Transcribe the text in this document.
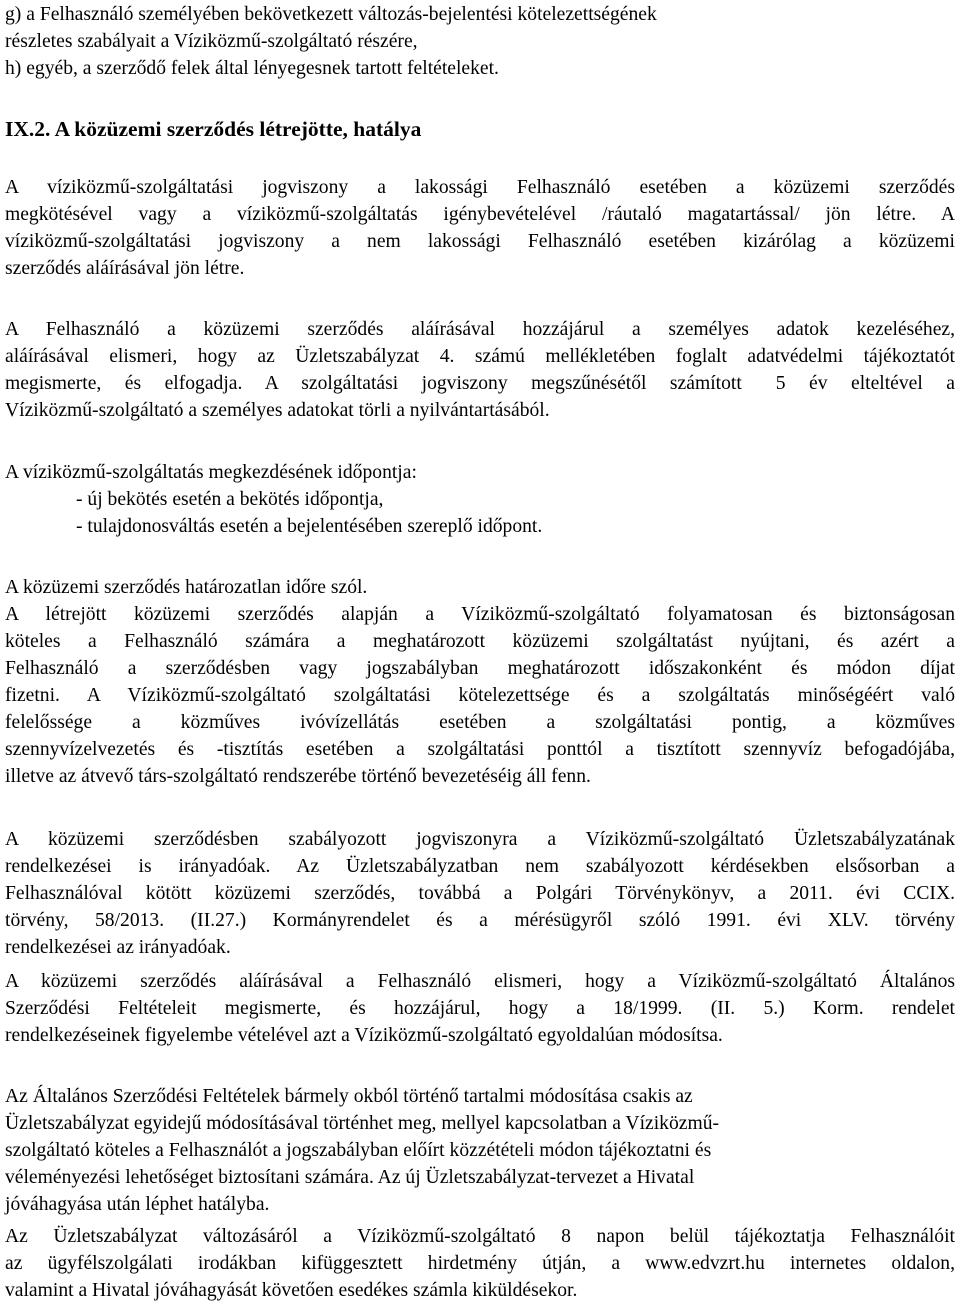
g) a Felhasználó személyében bekövetkezett változás-bejelentési kötelezettségének
részletes szabályait a Víziközmű-szolgáltató részére,
h) egyéb, a szerződő felek által lényegesnek tartott feltételeket.
IX.2. A közüzemi szerződés létrejötte, hatálya
A víziközmű-szolgáltatási jogviszony a lakossági Felhasználó esetében a közüzemi szerződés
megkötésével vagy a víziközmű-szolgáltatás igénybevételével /ráutaló magatartással/ jön létre. A
víziközmű-szolgáltatási jogviszony a nem lakossági Felhasználó esetében kizárólag a közüzemi
szerződés aláírásával jön létre.
A Felhasználó a közüzemi szerződés aláírásával hozzájárul a személyes adatok kezeléséhez,
aláírásával elismeri, hogy az Üzletszabályzat 4. számú mellékletében foglalt adatvédelmi tájékoztatót
megismerte, és elfogadja. A szolgáltatási jogviszony megszűnésétől számított 5 év elteltével a
Víziközmű-szolgáltató a személyes adatokat törli a nyilvántartásából.
A víziközmű-szolgáltatás megkezdésének időpontja:
- új bekötés esetén a bekötés időpontja,
- tulajdonosváltás esetén a bejelentésében szereplő időpont.
A közüzemi szerződés határozatlan időre szól.
A létrejött közüzemi szerződés alapján a Víziközmű-szolgáltató folyamatosan és biztonságosan
köteles a Felhasználó számára a meghatározott közüzemi szolgáltatást nyújtani, és azért a
Felhasználó a szerződésben vagy jogszabályban meghatározott időszakonként és módon díjat
fizetni. A Víziközmű-szolgáltató szolgáltatási kötelezettsége és a szolgáltatás minőségéért való
felelőssége a közműves ivóvízellátás esetében a szolgáltatási pontig, a közműves
szennyvízelvezetés és -tisztítás esetében a szolgáltatási ponttól a tisztított szennyvíz befogadójába,
illetve az átvevő társ-szolgáltató rendszerébe történő bevezetéséig áll fenn.
A közüzemi szerződésben szabályozott jogviszonyra a Víziközmű-szolgáltató Üzletszabályzatának
rendelkezései is irányadóak. Az Üzletszabályzatban nem szabályozott kérdésekben elsősorban a
Felhasználóval kötött közüzemi szerződés, továbbá a Polgári Törvénykönyv, a 2011. évi CCIX.
törvény, 58/2013. (II.27.) Kormányrendelet és a mérésügyről szóló 1991. évi XLV. törvény
rendelkezései az irányadóak.
A közüzemi szerződés aláírásával a Felhasználó elismeri, hogy a Víziközmű-szolgáltató Általános
Szerződési Feltételeit megismerte, és hozzájárul, hogy a 18/1999. (II. 5.) Korm. rendelet
rendelkezéseinek figyelembe vételével azt a Víziközmű-szolgáltató egyoldalúan módosítsa.
Az Általános Szerződési Feltételek bármely okból történő tartalmi módosítása csakis az
Üzletszabályzat egyidejű módosításával történhet meg, mellyel kapcsolatban a Víziközmű-
szolgáltató köteles a Felhasználót a jogszabályban előírt közzétételi módon tájékoztatni és
véleményezési lehetőséget biztosítani számára. Az új Üzletszabályzat-tervezet a Hivatal
jóváhagyása után léphet hatályba.
Az Üzletszabályzat változásáról a Víziközmű-szolgáltató 8 napon belül tájékoztatja Felhasználóit
az ügyfélszolgálati irodákban kifüggesztett hirdetmény útján, a www.edvzrt.hu internetes oldalon,
valamint a Hivatal jóváhagyását követően esedékes számla kiküldésekor.
